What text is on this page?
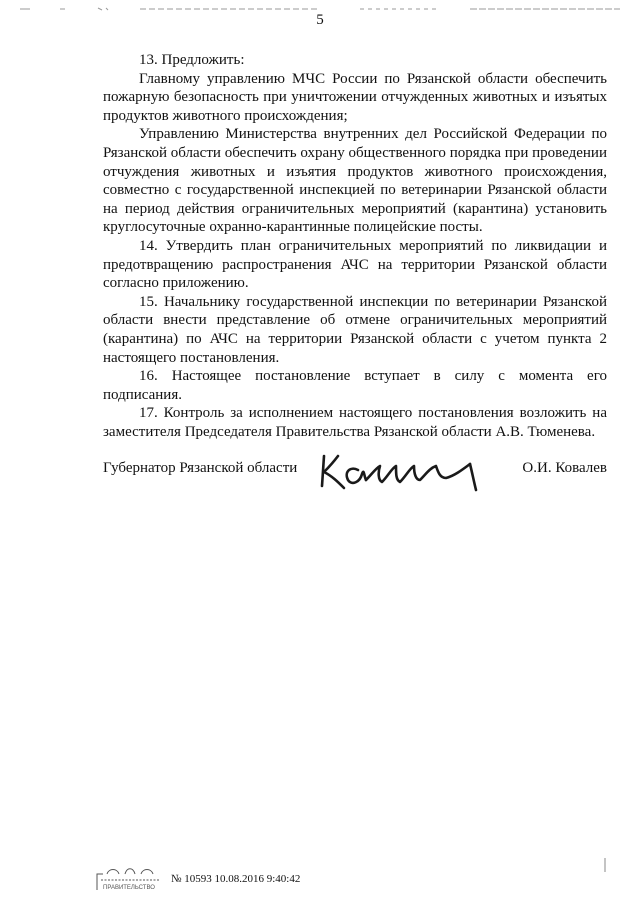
5

13. Предложить:

Главному управлению МЧС России по Рязанской области обеспечить пожарную безопасность при уничтожении отчужденных животных и изъятых продуктов животного происхождения;

Управлению Министерства внутренних дел Российской Федерации по Рязанской области обеспечить охрану общественного порядка при проведении отчуждения животных и изъятия продуктов животного происхождения, совместно с государственной инспекцией по ветеринарии Рязанской области на период действия ограничительных мероприятий (карантина) установить круглосуточные охранно-карантинные полицейские посты.

14. Утвердить план ограничительных мероприятий по ликвидации и предотвращению распространения АЧС на территории Рязанской области согласно приложению.

15. Начальнику государственной инспекции по ветеринарии Рязанской области внести представление об отмене ограничительных мероприятий (карантина) по АЧС на территории Рязанской области с учетом пункта 2 настоящего постановления.

16. Настоящее постановление вступает в силу с момента его подписания.

17. Контроль за исполнением настоящего постановления возложить на заместителя Председателя Правительства Рязанской области А.В. Тюменева.

Губернатор Рязанской области	О.И. Ковалев
ПРАВИТЕЛЬСТВО
№ 10593 10.08.2016 9:40:42
